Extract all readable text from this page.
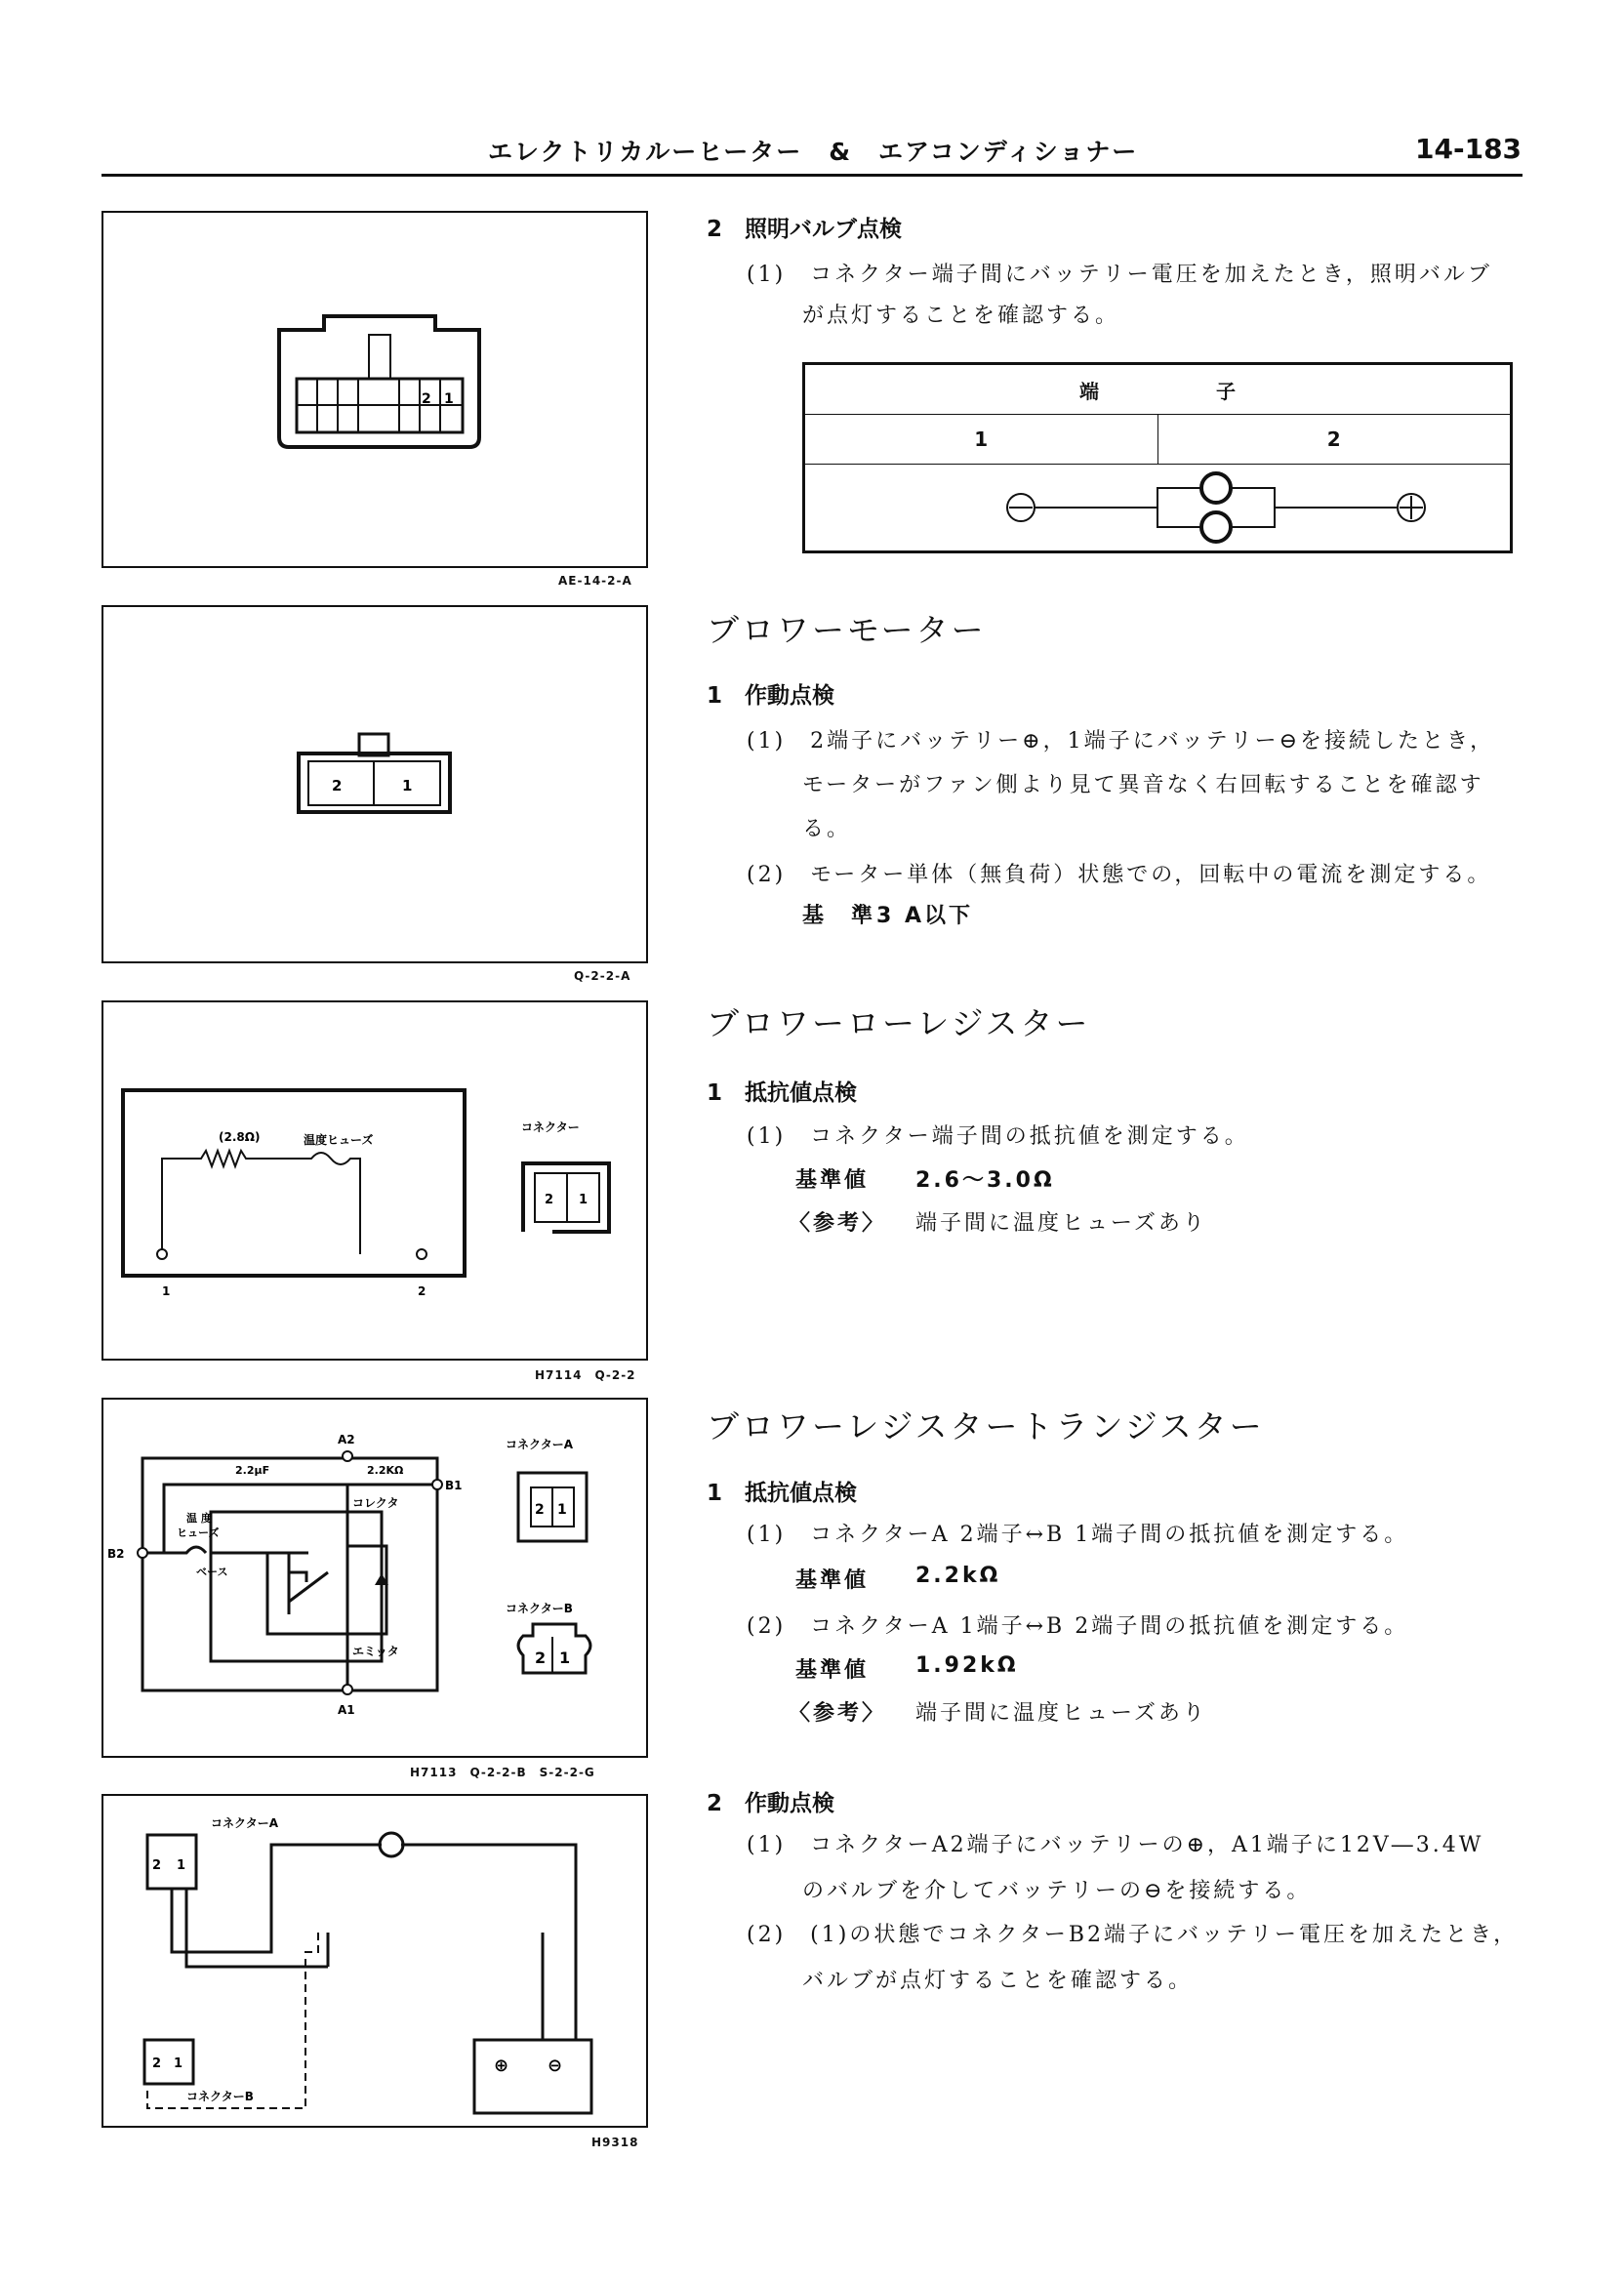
エレクトリカルーヒーター　&　エアコンディショナー	14-183
2 1
AE-14-2-A
2	1
Q-2-2-A
(2.8Ω)	温度ヒューズ
1	2
コネクター
2 1
H7114　Q-2-2
A2
A1
B1
B2
2.2μF	2.2KΩ
コレクタ
エミッタ
温 度
ヒューズ
ベース
コネクターA
コネクターB
2 1
2 1
H7113　Q-2-2-B　S-2-2-G
コネクターA
コネクターB
2 1
2 1	⊕ ⊖
H9318
2　照明バルブ点検
(1)　コネクター端子間にバッテリー電圧を加えたとき，照明バルブ
が点灯することを確認する。
端　　　　　　子
1	2

ブロワーモーター
1　作動点検
(1)　2端子にバッテリー⊕，1端子にバッテリー⊖を接続したとき，
モーターがファン側より見て異音なく右回転することを確認す
る。
(2)　モーター単体（無負荷）状態での，回転中の電流を測定する。
基　準 3 A以下
ブロワーローレジスター
1　抵抗値点検
(1)　コネクター端子間の抵抗値を測定する。
基準値 2.6～3.0Ω
〈参考〉 端子間に温度ヒューズあり
ブロワーレジスタートランジスター
1　抵抗値点検
(1)　コネクターA 2端子↔B 1端子間の抵抗値を測定する。
基準値 2.2kΩ
(2)　コネクターA 1端子↔B 2端子間の抵抗値を測定する。
基準値 1.92kΩ
〈参考〉 端子間に温度ヒューズあり
2　作動点検
(1)　コネクターA2端子にバッテリーの⊕，A1端子に12V―3.4W
のバルブを介してバッテリーの⊖を接続する。
(2)　(1)の状態でコネクターB2端子にバッテリー電圧を加えたとき，
バルブが点灯することを確認する。
